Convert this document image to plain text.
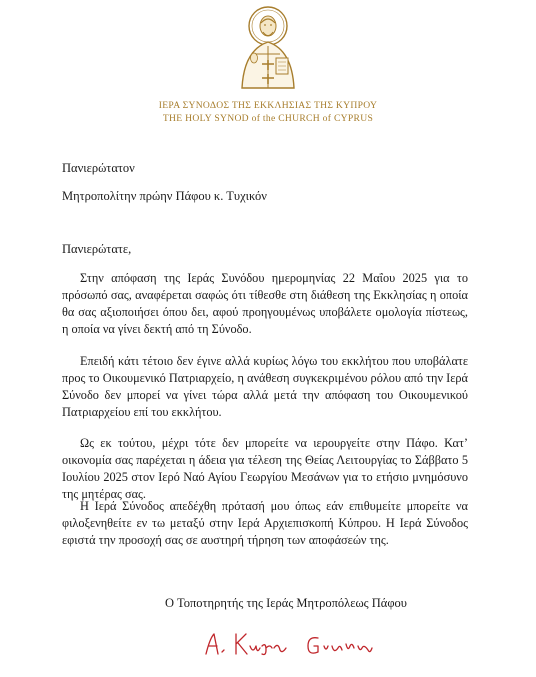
ΙΕΡΑ ΣΥΝΟΔΟΣ ΤΗΣ ΕΚΚΛΗΣΙΑΣ ΤΗΣ ΚΥΠΡΟΥ
THE HOLY SYNOD of the CHURCH of CYPRUS
Πανιερώτατον
Μητροπολίτην πρώην Πάφου κ. Τυχικόν
Πανιερώτατε,

Στην απόφαση της Ιεράς Συνόδου ημερομηνίας 22 Μαΐου 2025 για το πρόσωπό σας, αναφέρεται σαφώς ότι τίθεσθε στη διάθεση της Εκκλησίας η οποία θα σας αξιοποιήσει όπου δει, αφού προηγουμένως υποβάλετε ομολογία πίστεως, η οποία να γίνει δεκτή από τη Σύνοδο.

Επειδή κάτι τέτοιο δεν έγινε αλλά κυρίως λόγω του εκκλήτου που υποβάλατε προς το Οικουμενικό Πατριαρχείο, η ανάθεση συγκεκριμένου ρόλου από την Ιερά Σύνοδο δεν μπορεί να γίνει τώρα αλλά μετά την απόφαση του Οικουμενικού Πατριαρχείου επί του εκκλήτου.

Ως εκ τούτου, μέχρι τότε δεν μπορείτε να ιερουργείτε στην Πάφο. Κατ’ οικονομία σας παρέχεται η άδεια για τέλεση της Θείας Λειτουργίας το Σάββατο 5 Ιουλίου 2025 στον Ιερό Ναό Αγίου Γεωργίου Μεσάνων για το ετήσιο μνημόσυνο της μητέρας σας.

Η Ιερά Σύνοδος απεδέχθη πρότασή μου όπως εάν επιθυμείτε μπορείτε να φιλοξενηθείτε εν τω μεταξύ στην Ιερά Αρχιεπισκοπή Κύπρου. Η Ιερά Σύνοδος εφιστά την προσοχή σας σε αυστηρή τήρηση των αποφάσεών της.

Ο Τοποτηρητής της Ιεράς Μητροπόλεως Πάφου
